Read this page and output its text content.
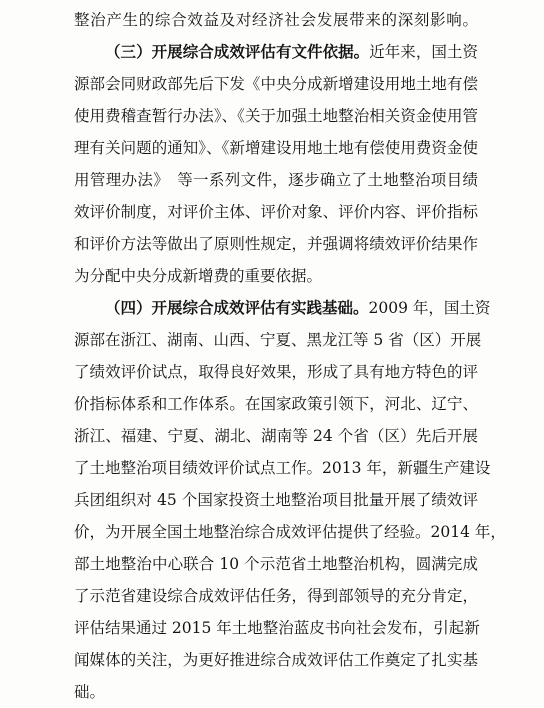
整治产生的综合效益及对经济社会发展带来的深刻影响。
（三）开展综合成效评估有文件依据。近年来，国土资
源部会同财政部先后下发《中央分成新增建设用地土地有偿
使用费稽查暂行办法》、《关于加强土地整治相关资金使用管
理有关问题的通知》、《新增建设用地土地有偿使用费资金使
用管理办法》　等一系列文件，逐步确立了土地整治项目绩
效评价制度，对评价主体、评价对象、评价内容、评价指标
和评价方法等做出了原则性规定，并强调将绩效评价结果作
为分配中央分成新增费的重要依据。
（四）开展综合成效评估有实践基础。2009 年，国土资
源部在浙江、湖南、山西、宁夏、黑龙江等 5 省（区）开展
了绩效评价试点，取得良好效果，形成了具有地方特色的评
价指标体系和工作体系。在国家政策引领下，河北、辽宁、
浙江、福建、宁夏、湖北、湖南等 24 个省（区）先后开展
了土地整治项目绩效评价试点工作。2013 年，新疆生产建设
兵团组织对 45 个国家投资土地整治项目批量开展了绩效评
价，为开展全国土地整治综合成效评估提供了经验。2014 年，
部土地整治中心联合 10 个示范省土地整治机构，圆满完成
了示范省建设综合成效评估任务，得到部领导的充分肯定，
评估结果通过 2015 年土地整治蓝皮书向社会发布，引起新
闻媒体的关注，为更好推进综合成效评估工作奠定了扎实基
础。
